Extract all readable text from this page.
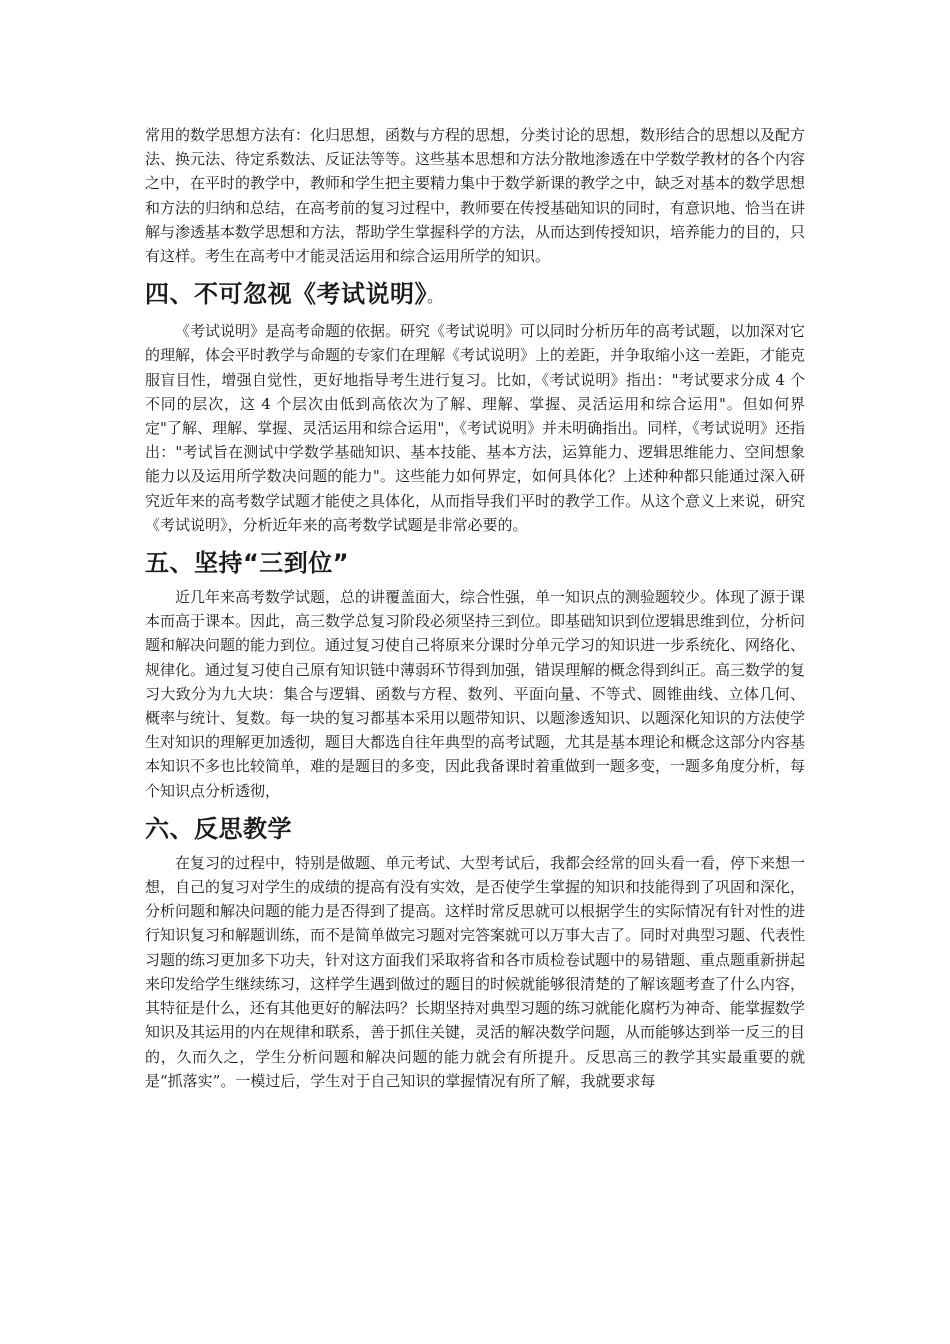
常用的数学思想方法有：化归思想，函数与方程的思想，分类讨论的思想，数形结合的思想以及配方法、换元法、待定系数法、反证法等等。这些基本思想和方法分散地渗透在中学数学教材的各个内容之中，在平时的教学中，教师和学生把主要精力集中于数学新课的教学之中，缺乏对基本的数学思想和方法的归纳和总结，在高考前的复习过程中，教师要在传授基础知识的同时，有意识地、恰当在讲解与渗透基本数学思想和方法，帮助学生掌握科学的方法，从而达到传授知识，培养能力的目的，只有这样。考生在高考中才能灵活运用和综合运用所学的知识。

四、不可忽视《考试说明》。

《考试说明》是高考命题的依据。研究《考试说明》可以同时分析历年的高考试题，以加深对它的理解，体会平时教学与命题的专家们在理解《考试说明》上的差距，并争取缩小这一差距，才能克服盲目性，增强自觉性，更好地指导考生进行复习。比如，《考试说明》指出："考试要求分成 4 个不同的层次，这 4 个层次由低到高依次为了解、理解、掌握、灵活运用和综合运用"。但如何界定"了解、理解、掌握、灵活运用和综合运用"，《考试说明》并未明确指出。同样，《考试说明》还指出："考试旨在测试中学数学基础知识、基本技能、基本方法，运算能力、逻辑思维能力、空间想象能力以及运用所学数决问题的能力"。这些能力如何界定，如何具体化？上述种种都只能通过深入研究近年来的高考数学试题才能使之具体化，从而指导我们平时的教学工作。从这个意义上来说，研究《考试说明》，分析近年来的高考数学试题是非常必要的。

五、坚持“三到位”

近几年来高考数学试题，总的讲覆盖面大，综合性强，单一知识点的测验题较少。体现了源于课本而高于课本。因此，高三数学总复习阶段必须坚持三到位。即基础知识到位逻辑思维到位，分析问题和解决问题的能力到位。通过复习使自己将原来分课时分单元学习的知识进一步系统化、网络化、规律化。通过复习使自己原有知识链中薄弱环节得到加强，错误理解的概念得到纠正。高三数学的复习大致分为九大块：集合与逻辑、函数与方程、数列、平面向量、不等式、圆锥曲线、立体几何、 概率与统计、复数。每一块的复习都基本采用以题带知识、以题渗透知识、以题深化知识的方法使学生对知识的理解更加透彻，题目大都选自往年典型的高考试题，尤其是基本理论和概念这部分内容基本知识不多也比较简单，难的是题目的多变，因此我备课时着重做到一题多变，一题多角度分析，每个知识点分析透彻，

六、反思教学

在复习的过程中，特别是做题、单元考试、大型考试后，我都会经常的回头看一看，停下来想一想，自己的复习对学生的成绩的提高有没有实效，是否使学生掌握的知识和技能得到了巩固和深化，分析问题和解决问题的能力是否得到了提高。这样时常反思就可以根据学生的实际情况有针对性的进行知识复习和解题训练，而不是简单做完习题对完答案就可以万事大吉了。同时对典型习题、代表性习题的练习更加多下功夫，针对这方面我们采取将省和各市质检卷试题中的易错题、重点题重新拼起来印发给学生继续练习，这样学生遇到做过的题目的时候就能够很清楚的了解该题考查了什么内容，其特征是什么，还有其他更好的解法吗？长期坚持对典型习题的练习就能化腐朽为神奇、能掌握数学知识及其运用的内在规律和联系，善于抓住关键，灵活的解决数学问题，从而能够达到举一反三的目的，久而久之，学生分析问题和解决问题的能力就会有所提升。反思高三的教学其实最重要的就是“抓落实”。一模过后，学生对于自己知识的掌握情况有所了解，我就要求每
